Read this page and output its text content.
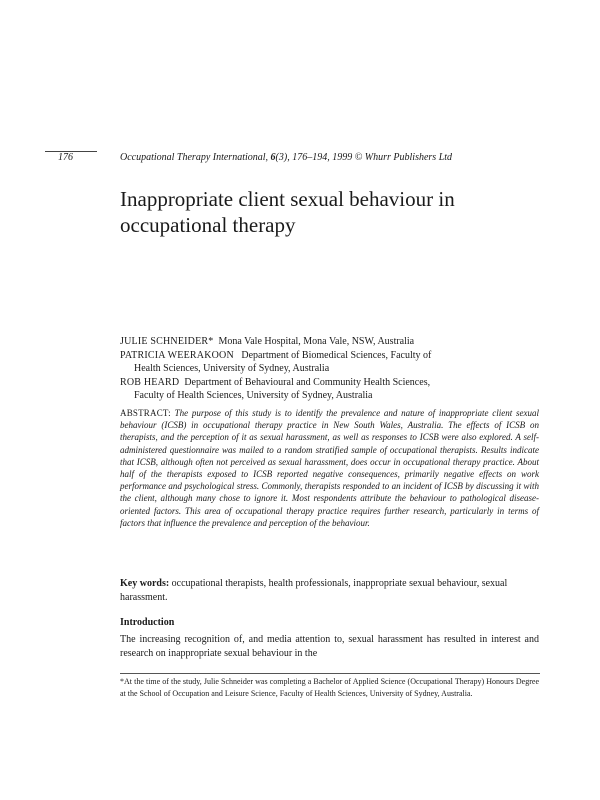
176	Occupational Therapy International, 6(3), 176–194, 1999 © Whurr Publishers Ltd
Inappropriate client sexual behaviour in occupational therapy
JULIE SCHNEIDER* Mona Vale Hospital, Mona Vale, NSW, Australia
PATRICIA WEERAKOON Department of Biomedical Sciences, Faculty of
Health Sciences, University of Sydney, Australia
ROB HEARD Department of Behavioural and Community Health Sciences,
Faculty of Health Sciences, University of Sydney, Australia
ABSTRACT: The purpose of this study is to identify the prevalence and nature of inappropriate client sexual behaviour (ICSB) in occupational therapy practice in New South Wales, Australia. The effects of ICSB on therapists, and the perception of it as sexual harassment, as well as responses to ICSB were also explored. A self-administered questionnaire was mailed to a random stratified sample of occupational therapists. Results indicate that ICSB, although often not perceived as sexual harassment, does occur in occupational therapy practice. About half of the therapists exposed to ICSB reported negative consequences, primarily negative effects on work performance and psychological stress. Commonly, therapists responded to an incident of ICSB by discussing it with the client, although many chose to ignore it. Most respondents attribute the behaviour to pathological disease-oriented factors. This area of occupational therapy practice requires further research, particularly in terms of factors that influence the prevalence and perception of the behaviour.
Key words: occupational therapists, health professionals, inappropriate sexual behaviour, sexual harassment.
Introduction
The increasing recognition of, and media attention to, sexual harassment has resulted in interest and research on inappropriate sexual behaviour in the
*At the time of the study, Julie Schneider was completing a Bachelor of Applied Science (Occupational Therapy) Honours Degree at the School of Occupation and Leisure Science, Faculty of Health Sciences, University of Sydney, Australia.
